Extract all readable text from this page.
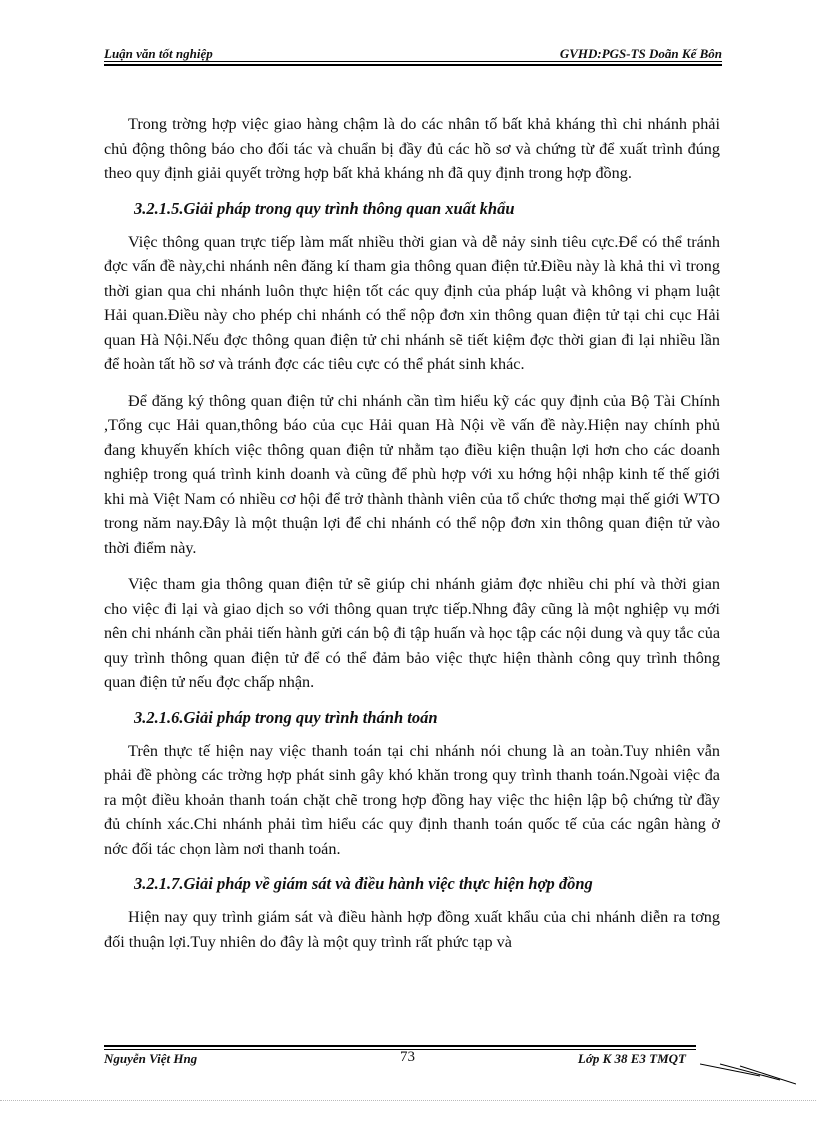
Luận văn tốt nghiệp	GVHD:PGS-TS Doãn Kế Bôn

Trong trờng hợp việc giao hàng chậm là do các nhân tố bất khả kháng thì chi nhánh phải chủ động thông báo cho đối tác và chuẩn bị đầy đủ các hồ sơ và chứng từ để xuất trình đúng theo quy định giải quyết trờng hợp bất khả kháng nh đã quy định trong hợp đồng.

3.2.1.5.Giải pháp trong quy trình thông quan xuất khẩu

Việc thông quan trực tiếp làm mất nhiều thời gian và dễ nảy sinh tiêu cực.Để có thể tránh đợc vấn đề này,chi nhánh nên đăng kí tham gia thông quan điện tử.Điều này là khả thi vì trong thời gian qua chi nhánh luôn thực hiện tốt các quy định của pháp luật và không vi phạm luật Hải quan.Điều này cho phép chi nhánh có thể nộp đơn xin thông quan điện tử tại chi cục Hải quan Hà Nội.Nếu đợc thông quan điện tử chi nhánh sẽ tiết kiệm đợc thời gian đi lại nhiều lần để hoàn tất hồ sơ và tránh đợc các tiêu cực có thể phát sinh khác.

Để đăng ký thông quan điện tử chi nhánh cần tìm hiểu kỹ các quy định của Bộ Tài Chính ,Tổng cục Hải quan,thông báo của cục Hải quan Hà Nội về vấn đề này.Hiện nay chính phủ đang khuyến khích việc thông quan điện tử nhằm tạo điều kiện thuận lợi hơn cho các doanh nghiệp trong quá trình kinh doanh và cũng để phù hợp với xu hớng hội nhập kinh tế thế giới khi mà Việt Nam có nhiều cơ hội để trở thành thành viên của tổ chức thơng mại thế giới WTO trong năm nay.Đây là một thuận lợi để chi nhánh có thể nộp đơn xin thông quan điện tử vào thời điểm này.

Việc tham gia thông quan điện tử sẽ giúp chi nhánh giảm đợc nhiều chi phí và thời gian cho việc đi lại và giao dịch so với thông quan trực tiếp.Nhng đây cũng là một nghiệp vụ mới nên chi nhánh cần phải tiến hành gửi cán bộ đi tập huấn và học tập các nội dung và quy tắc của quy trình thông quan điện tử để có thể đảm bảo việc thực hiện thành công quy trình thông quan điện tử nếu đợc chấp nhận.

3.2.1.6.Giải pháp trong quy trình thánh toán

Trên thực tế hiện nay việc thanh toán tại chi nhánh nói chung là an toàn.Tuy nhiên vẫn phải đề phòng các trờng hợp phát sinh gây khó khăn trong quy trình thanh toán.Ngoài việc đa ra một điều khoản thanh toán chặt chẽ trong hợp đồng hay việc thc hiện lập bộ chứng từ đầy đủ chính xác.Chi nhánh phải tìm hiểu các quy định thanh toán quốc tế của các ngân hàng ở nớc đối tác chọn làm nơi thanh toán.

3.2.1.7.Giải pháp về giám sát và điều hành việc thực hiện hợp đồng

Hiện nay quy trình giám sát và điều hành hợp đồng xuất khẩu của chi nhánh diễn ra tơng đối thuận lợi.Tuy nhiên do đây là một quy trình rất phức tạp và

Nguyễn Việt Hng	73	Lớp K 38 E3 TMQT
